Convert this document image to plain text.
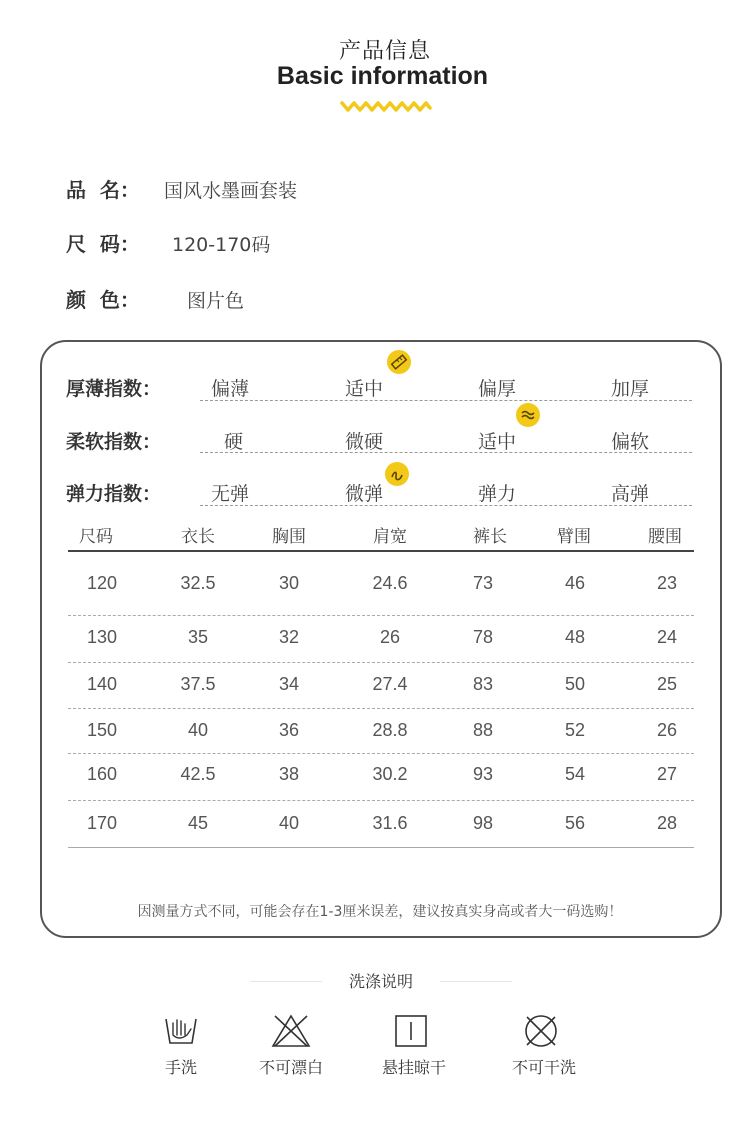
产品信息
Basic information
品  名： 国风水墨画套装
尺  码： 120-170码
颜  色： 图片色
厚薄指数：	偏薄	适中	偏厚	加厚
柔软指数：	硬	微硬	适中	偏软
弹力指数：	无弹	微弹	弹力	高弹
尺码	衣长	胸围	肩宽	裤长	臂围	腰围
120	32.5	30	24.6	73	46	23
130	35	32	26	78	48	24
140	37.5	34	27.4	83	50	25
150	40	36	28.8	88	52	26
160	42.5	38	30.2	93	54	27
170	45	40	31.6	98	56	28
因测量方式不同，可能会存在1-3厘米误差，建议按真实身高或者大一码选购！
洗涤说明
手洗	不可漂白	悬挂晾干	不可干洗
